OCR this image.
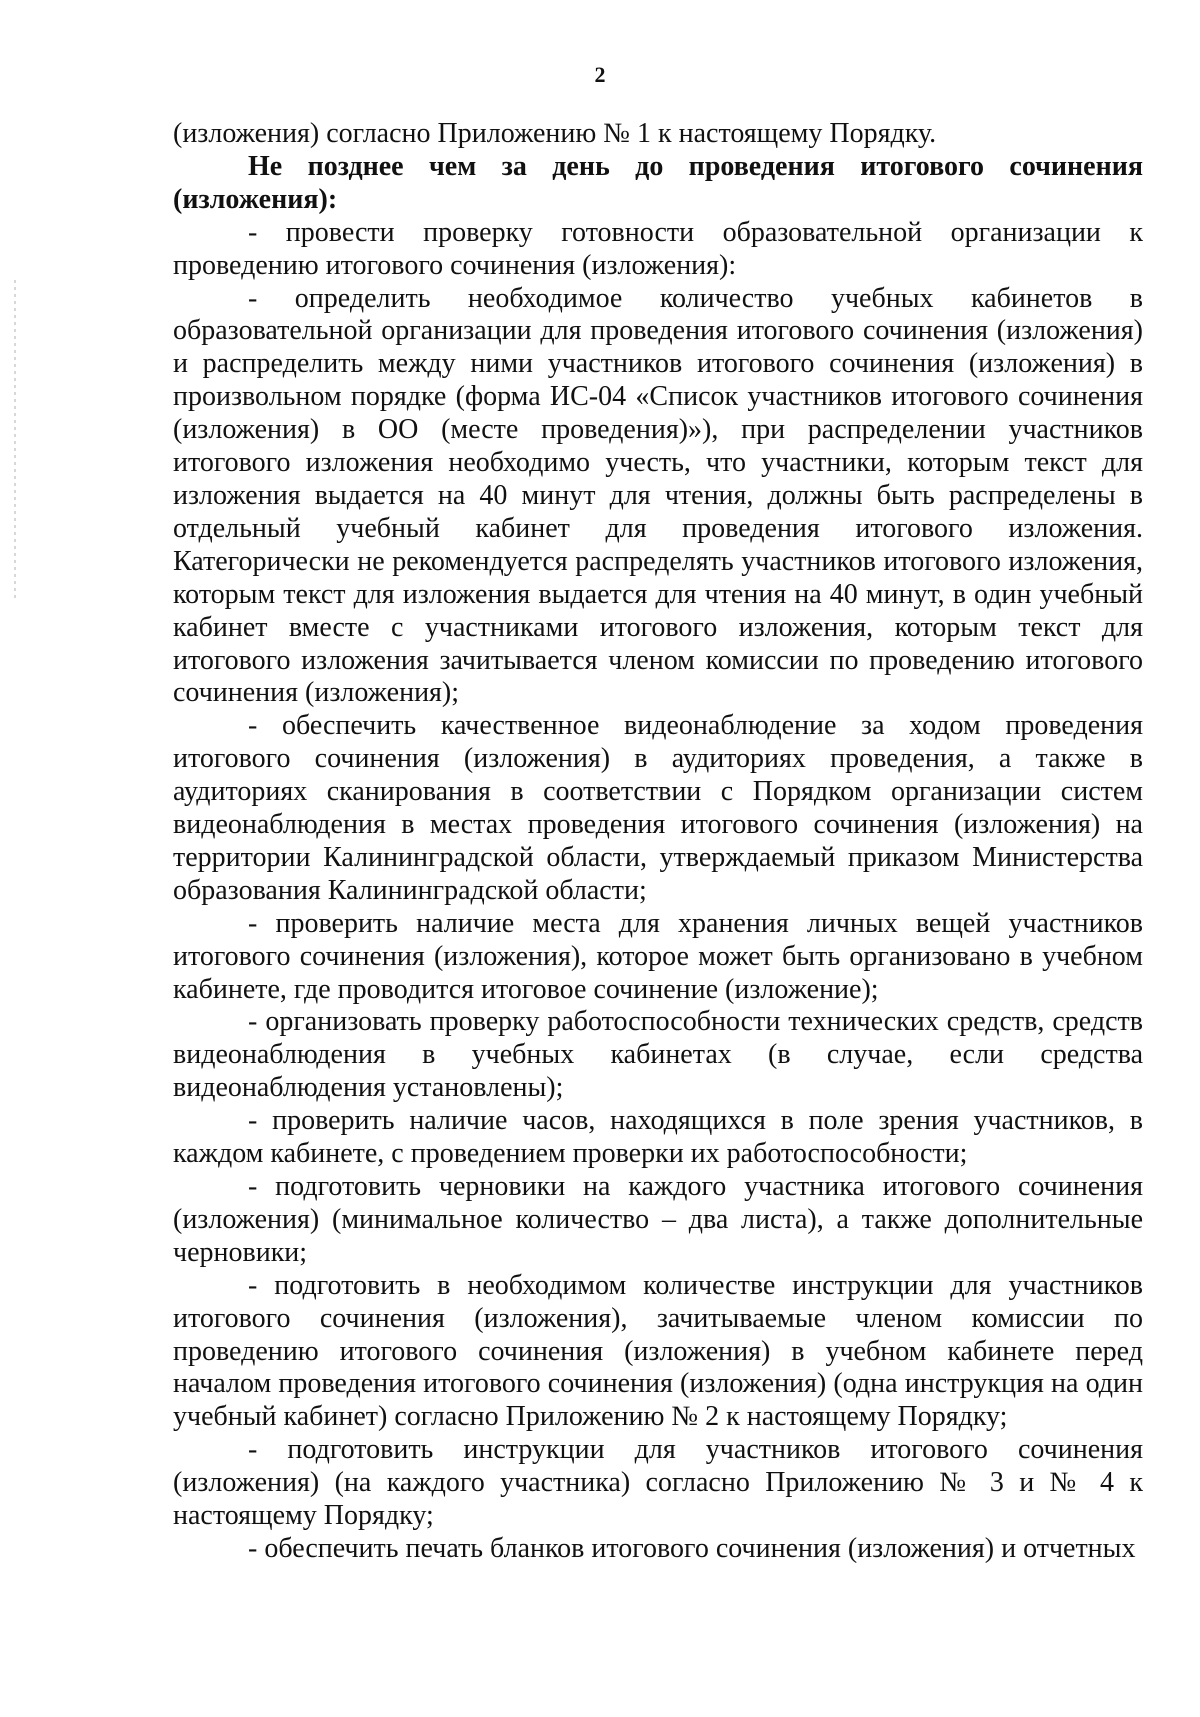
2

(изложения) согласно Приложению № 1 к настоящему Порядку.

Не позднее чем за день до проведения итогового сочинения (изложения):

- провести проверку готовности образовательной организации к проведению итогового сочинения (изложения):

- определить необходимое количество учебных кабинетов в образовательной организации для проведения итогового сочинения (изложения) и распределить между ними участников итогового сочинения (изложения) в произвольном порядке (форма ИС-04 «Список участников итогового сочинения (изложения) в ОО (месте проведения)»), при распределении участников итогового изложения необходимо учесть, что участники, которым текст для изложения выдается на 40 минут для чтения, должны быть распределены в отдельный учебный кабинет для проведения итогового изложения. Категорически не рекомендуется распределять участников итогового изложения, которым текст для изложения выдается для чтения на 40 минут, в один учебный кабинет вместе с участниками итогового изложения, которым текст для итогового изложения зачитывается членом комиссии по проведению итогового сочинения (изложения);

- обеспечить качественное видеонаблюдение за ходом проведения итогового сочинения (изложения) в аудиториях проведения, а также в аудиториях сканирования в соответствии с Порядком организации систем видеонаблюдения в местах проведения итогового сочинения (изложения) на территории Калининградской области, утверждаемый приказом Министерства образования Калининградской области;

- проверить наличие места для хранения личных вещей участников итогового сочинения (изложения), которое может быть организовано в учебном кабинете, где проводится итоговое сочинение (изложение);

- организовать проверку работоспособности технических средств, средств видеонаблюдения в учебных кабинетах (в случае, если средства видеонаблюдения установлены);

- проверить наличие часов, находящихся в поле зрения участников, в каждом кабинете, с проведением проверки их работоспособности;

- подготовить черновики на каждого участника итогового сочинения (изложения) (минимальное количество – два листа), а также дополнительные черновики;

- подготовить в необходимом количестве инструкции для участников итогового сочинения (изложения), зачитываемые членом комиссии по проведению итогового сочинения (изложения) в учебном кабинете перед началом проведения итогового сочинения (изложения) (одна инструкция на один учебный кабинет) согласно Приложению № 2 к настоящему Порядку;

- подготовить инструкции для участников итогового сочинения (изложения) (на каждого участника) согласно Приложению № 3 и № 4 к настоящему Порядку;

- обеспечить печать бланков итогового сочинения (изложения) и отчетных
